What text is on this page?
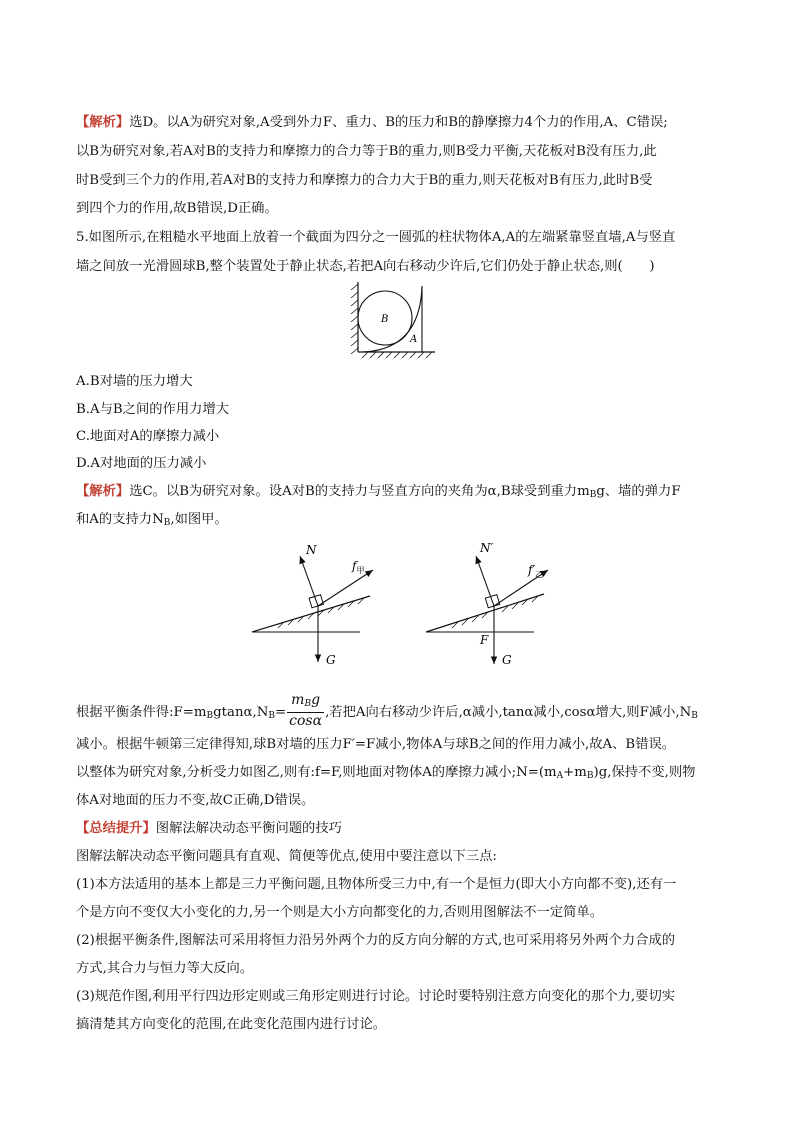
【解析】选D。以A为研究对象,A受到外力F、重力、B的压力和B的静摩擦力4个力的作用,A、C错误;
以B为研究对象,若A对B的支持力和摩擦力的合力等于B的重力,则B受力平衡,天花板对B没有压力,此
时B受到三个力的作用,若A对B的支持力和摩擦力的合力大于B的重力,则天花板对B有压力,此时B受
到四个力的作用,故B错误,D正确。
5.如图所示,在粗糙水平地面上放着一个截面为四分之一圆弧的柱状物体A,A的左端紧靠竖直墙,A与竖直
墙之间放一光滑圆球B,整个装置处于静止状态,若把A向右移动少许后,它们仍处于静止状态,则(　　)
B
A
A.B对墙的压力增大
B.A与B之间的作用力增大
C.地面对A的摩擦力减小
D.A对地面的压力减小
【解析】选C。以B为研究对象。设A对B的支持力与竖直方向的夹角为α,B球受到重力$m_Bg$、墙的弹力F
和A的支持力$N_B$,如图甲。
N
$f_甲$
G
N′
$f'_乙$
F
G
根据平衡条件得$:F=m_Bgtan\alpha,N_B= \frac{m_Bg}{\cos\alpha}$ ,若把A向右移动少许后,α减小,tanα减小,cosα增大,则F减小$,N_B$
减小。根据牛顿第三定律得知,球B对墙的压力F′=F减小,物体A与球B之间的作用力减小,故A、B错误。
以整体为研究对象,分析受力如图乙,则有:f=F,则地面对物体A的摩擦力减小$;N=(m_A+m_B)g$,保持不变,则物
体A对地面的压力不变,故C正确,D错误。
【总结提升】图解法解决动态平衡问题的技巧
图解法解决动态平衡问题具有直观、简便等优点,使用中要注意以下三点:
(1)本方法适用的基本上都是三力平衡问题,且物体所受三力中,有一个是恒力(即大小方向都不变),还有一
个是方向不变仅大小变化的力,另一个则是大小方向都变化的力,否则用图解法不一定简单。
(2)根据平衡条件,图解法可采用将恒力沿另外两个力的反方向分解的方式,也可采用将另外两个力合成的
方式,其合力与恒力等大反向。
(3)规范作图,利用平行四边形定则或三角形定则进行讨论。讨论时要特别注意方向变化的那个力,要切实
搞清楚其方向变化的范围,在此变化范围内进行讨论。
